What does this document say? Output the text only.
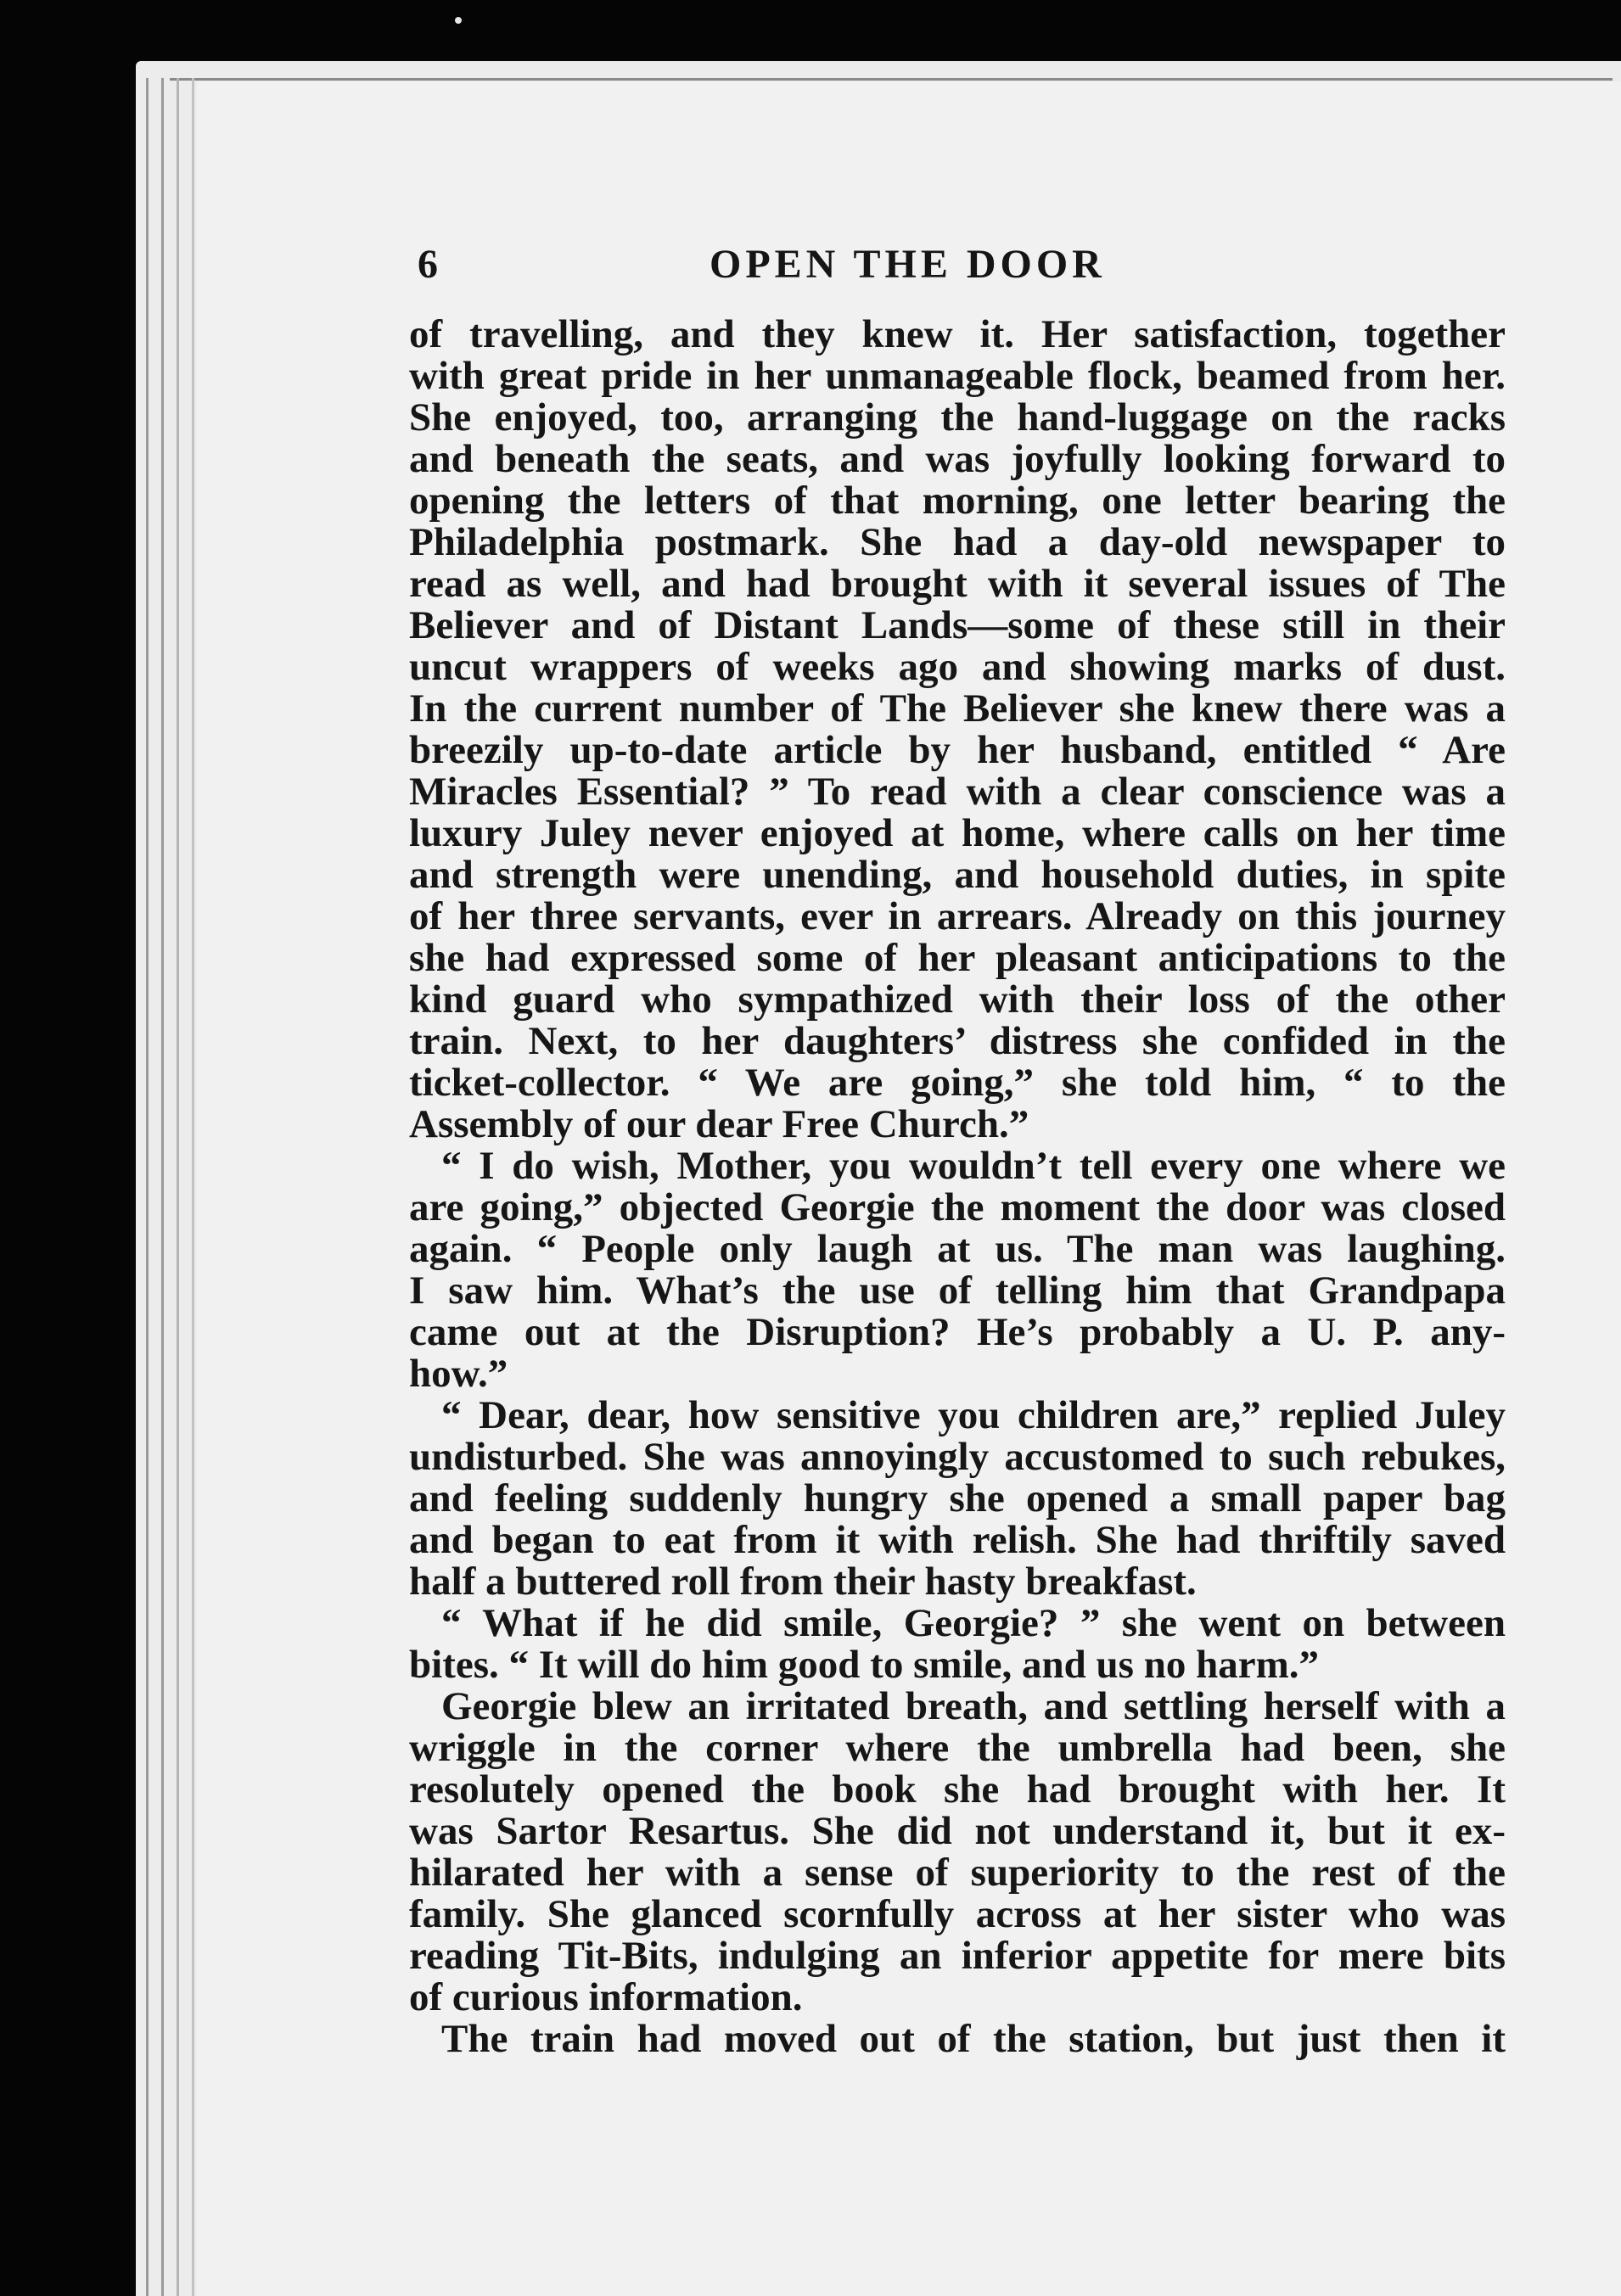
6	OPEN THE DOOR
of travelling, and they knew it. Her satisfaction, together
with great pride in her unmanageable flock, beamed from her.
She enjoyed, too, arranging the hand-luggage on the racks
and beneath the seats, and was joyfully looking forward to
opening the letters of that morning, one letter bearing the
Philadelphia postmark. She had a day-old newspaper to
read as well, and had brought with it several issues of The
Believer and of Distant Lands—some of these still in their
uncut wrappers of weeks ago and showing marks of dust.
In the current number of The Believer she knew there was a
breezily up-to-date article by her husband, entitled “ Are
Miracles Essential? ” To read with a clear conscience was a
luxury Juley never enjoyed at home, where calls on her time
and strength were unending, and household duties, in spite
of her three servants, ever in arrears. Already on this journey
she had expressed some of her pleasant anticipations to the
kind guard who sympathized with their loss of the other
train. Next, to her daughters’ distress she confided in the
ticket-collector. “ We are going,” she told him, “ to the
Assembly of our dear Free Church.”
“ I do wish, Mother, you wouldn’t tell every one where we
are going,” objected Georgie the moment the door was closed
again. “ People only laugh at us. The man was laughing.
I saw him. What’s the use of telling him that Grandpapa
came out at the Disruption? He’s probably a U. P. any-
how.”
“ Dear, dear, how sensitive you children are,” replied Juley
undisturbed. She was annoyingly accustomed to such rebukes,
and feeling suddenly hungry she opened a small paper bag
and began to eat from it with relish. She had thriftily saved
half a buttered roll from their hasty breakfast.
“ What if he did smile, Georgie? ” she went on between
bites. “ It will do him good to smile, and us no harm.”
Georgie blew an irritated breath, and settling herself with a
wriggle in the corner where the umbrella had been, she
resolutely opened the book she had brought with her. It
was Sartor Resartus. She did not understand it, but it ex-
hilarated her with a sense of superiority to the rest of the
family. She glanced scornfully across at her sister who was
reading Tit-Bits, indulging an inferior appetite for mere bits
of curious information.
The train had moved out of the station, but just then it
